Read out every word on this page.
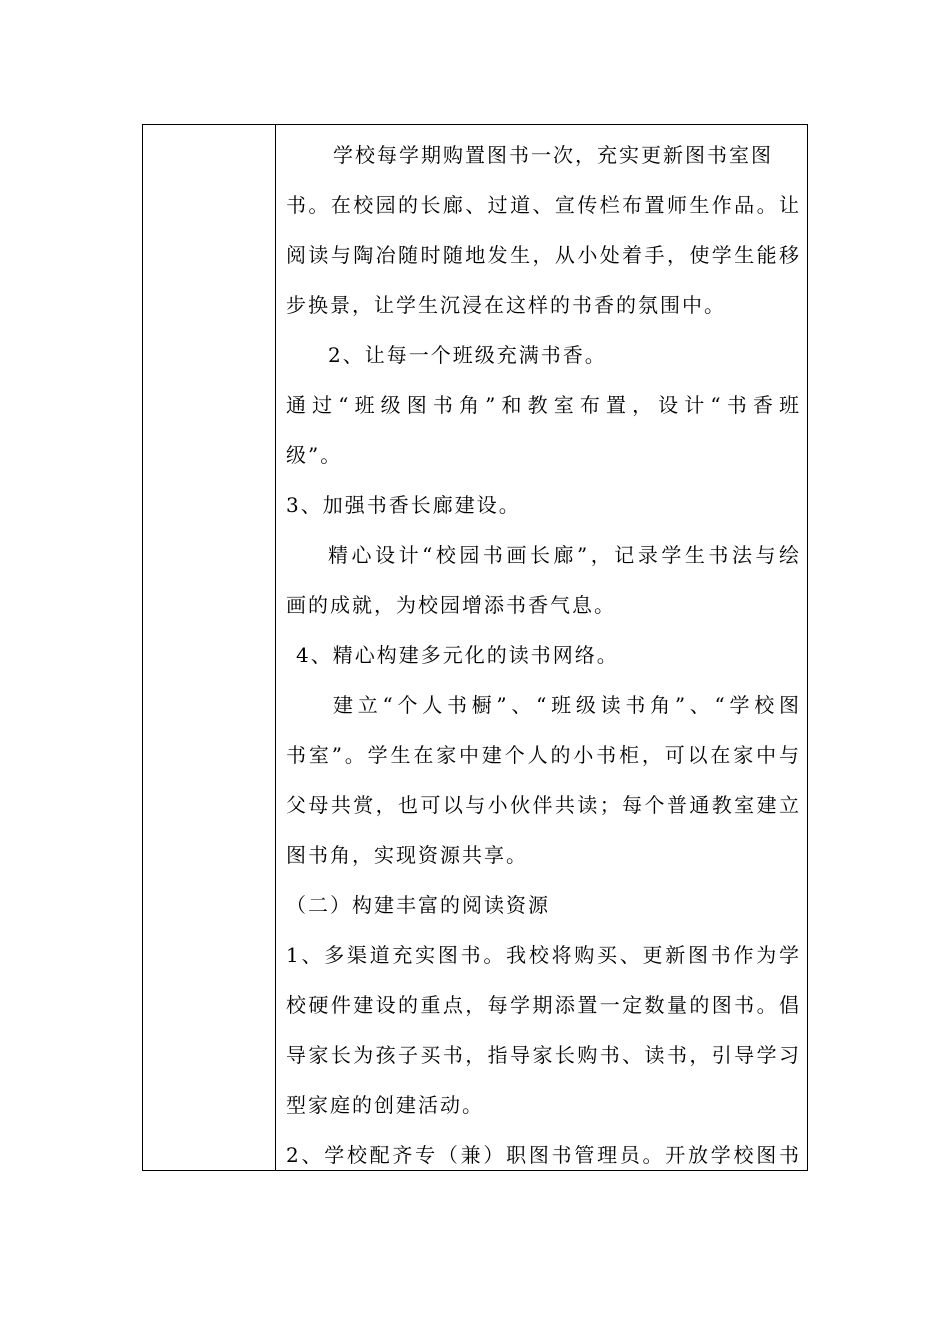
学校每学期购置图书一次，充实更新图书室图
书。在校园的长廊、过道、宣传栏布置师生作品。让
阅读与陶冶随时随地发生，从小处着手，使学生能移
步换景，让学生沉浸在这样的书香的氛围中。
2、让每一个班级充满书香。
通过“班级图书角”和教室布置，设计“书香班
级”。
3、加强书香长廊建设。
精心设计“校园书画长廊”，记录学生书法与绘
画的成就，为校园增添书香气息。
4、精心构建多元化的读书网络。
建立“个人书橱”、“班级读书角”、“学校图
书室”。学生在家中建个人的小书柜，可以在家中与
父母共赏，也可以与小伙伴共读；每个普通教室建立
图书角，实现资源共享。
（二）构建丰富的阅读资源
1、多渠道充实图书。我校将购买、更新图书作为学
校硬件建设的重点，每学期添置一定数量的图书。倡
导家长为孩子买书，指导家长购书、读书，引导学习
型家庭的创建活动。
2、学校配齐专（兼）职图书管理员。开放学校图书
